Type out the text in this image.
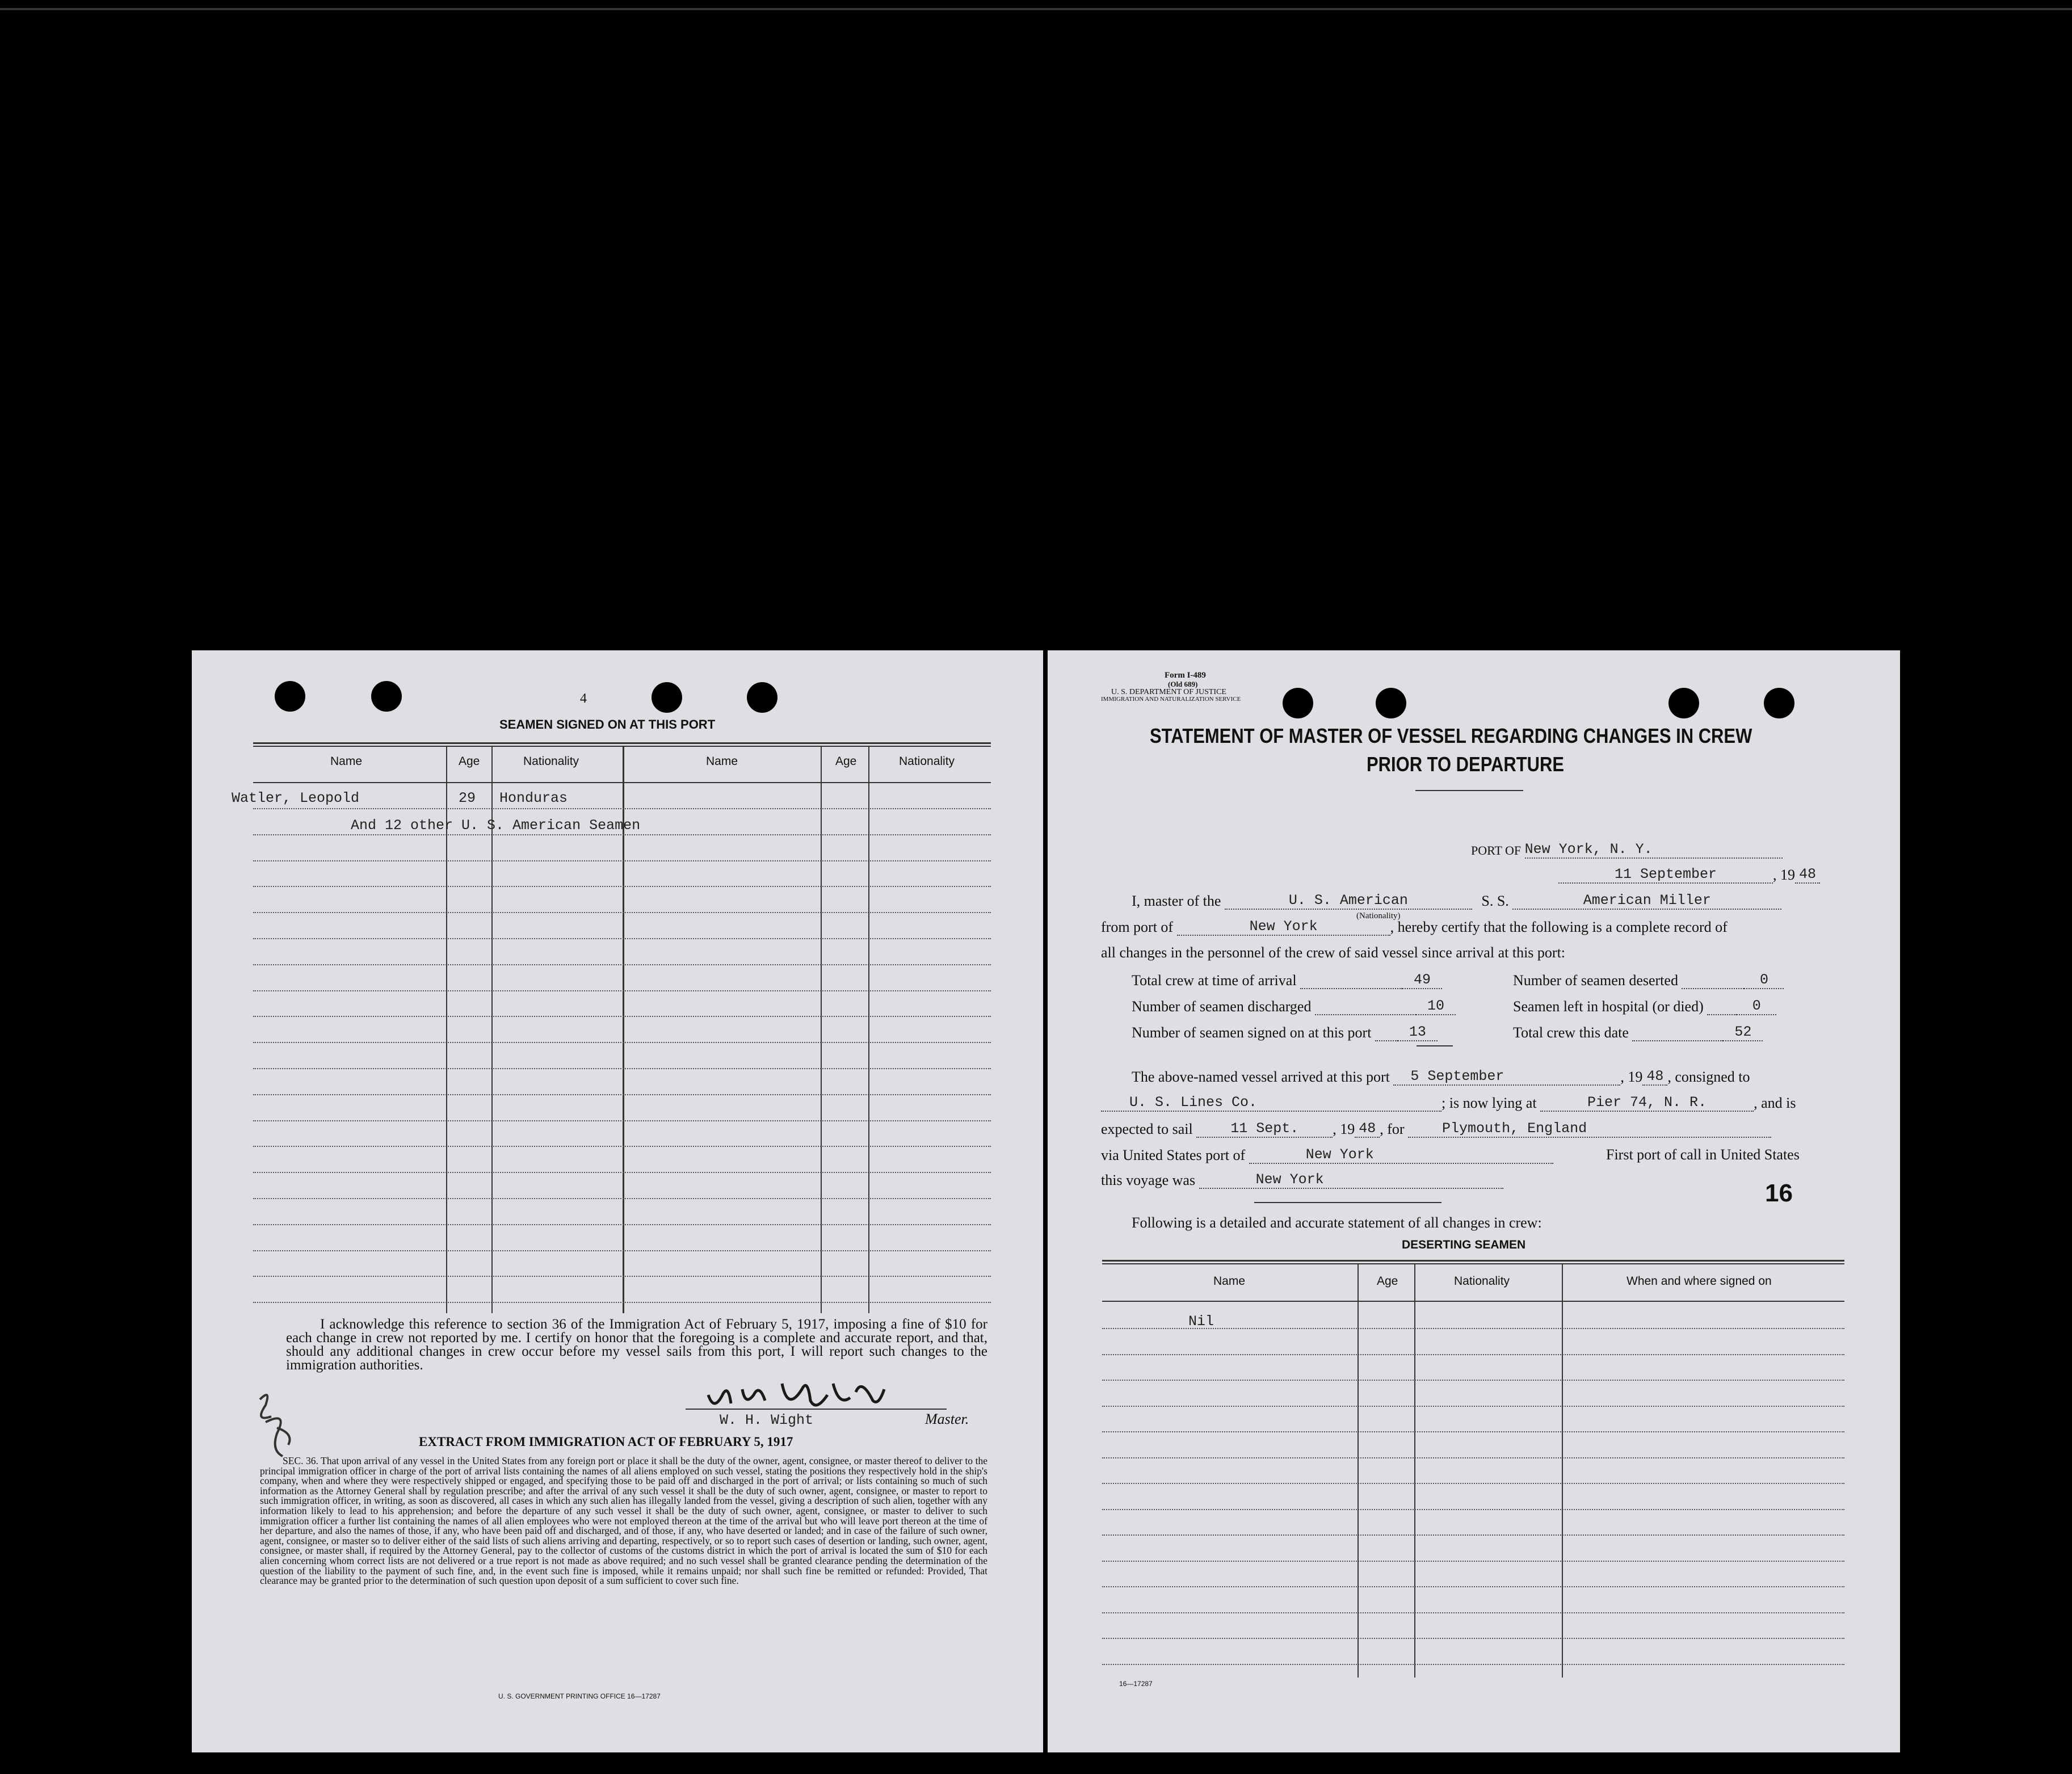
4
SEAMEN SIGNED ON AT THIS PORT
Name	Age	Nationality	Name	Age	Nationality
Watler, Leopold	29 Honduras
And 12 other U. S. American Seamen
I acknowledge this reference to section 36 of the Immigration Act of February 5, 1917, imposing a fine of $10 for each change in crew not reported by me. I certify on honor that the foregoing is a complete and accurate report, and that, should any additional changes in crew occur before my vessel sails from this port, I will report such changes to the immigration authorities.
W. H. Wight	Master.
EXTRACT FROM IMMIGRATION ACT OF FEBRUARY 5, 1917
SEC. 36. That upon arrival of any vessel in the United States from any foreign port or place it shall be the duty of the owner, agent, consignee, or master thereof to deliver to the principal immigration officer in charge of the port of arrival lists containing the names of all aliens employed on such vessel, stating the positions they respectively hold in the ship's company, when and where they were respectively shipped or engaged, and specifying those to be paid off and discharged in the port of arrival; or lists containing so much of such information as the Attorney General shall by regulation prescribe; and after the arrival of any such vessel it shall be the duty of such owner, agent, consignee, or master to report to such immigration officer, in writing, as soon as discovered, all cases in which any such alien has illegally landed from the vessel, giving a description of such alien, together with any information likely to lead to his apprehension; and before the departure of any such vessel it shall be the duty of such owner, agent, consignee, or master to deliver to such immigration officer a further list containing the names of all alien employees who were not employed thereon at the time of the arrival but who will leave port thereon at the time of her departure, and also the names of those, if any, who have been paid off and discharged, and of those, if any, who have deserted or landed; and in case of the failure of such owner, agent, consignee, or master so to deliver either of the said lists of such aliens arriving and departing, respectively, or so to report such cases of desertion or landing, such owner, agent, consignee, or master shall, if required by the Attorney General, pay to the collector of customs of the customs district in which the port of arrival is located the sum of $10 for each alien concerning whom correct lists are not delivered or a true report is not made as above required; and no such vessel shall be granted clearance pending the determination of the question of the liability to the payment of such fine, and, in the event such fine is imposed, while it remains unpaid; nor shall such fine be remitted or refunded: Provided, That clearance may be granted prior to the determination of such question upon deposit of a sum sufficient to cover such fine.
U. S. GOVERNMENT PRINTING OFFICE 16—17287
Form I-489
(Old 689)
U. S. DEPARTMENT OF JUSTICE
IMMIGRATION AND NATURALIZATION SERVICE
STATEMENT OF MASTER OF VESSEL REGARDING CHANGES IN CREW
PRIOR TO DEPARTURE
PORT OF New York, N. Y.
11 September	, 19 48
I, master of the	U. S. American	S. S.	American Miller
(Nationality)
from port of	New York	, hereby certify that the following is a complete record of
all changes in the personnel of the crew of said vessel since arrival at this port:
Total crew at time of arrival	49	Number of seamen deserted	0
Number of seamen discharged	10	Seamen left in hospital (or died)	0
Number of seamen signed on at this port	13	Total crew this date	52
The above-named vessel arrived at this port 5 September	, 19 48 , consigned to
U. S. Lines Co.	; is now lying at	Pier 74, N. R.	, and is
expected to sail	11 Sept. , 19 48 , for	Plymouth, England
via United States port of	New York	First port of call in United States
this voyage was	New York	16
Following is a detailed and accurate statement of all changes in crew:
DESERTING SEAMEN
Name	Age	Nationality	When and where signed on
Nil
16—17287
